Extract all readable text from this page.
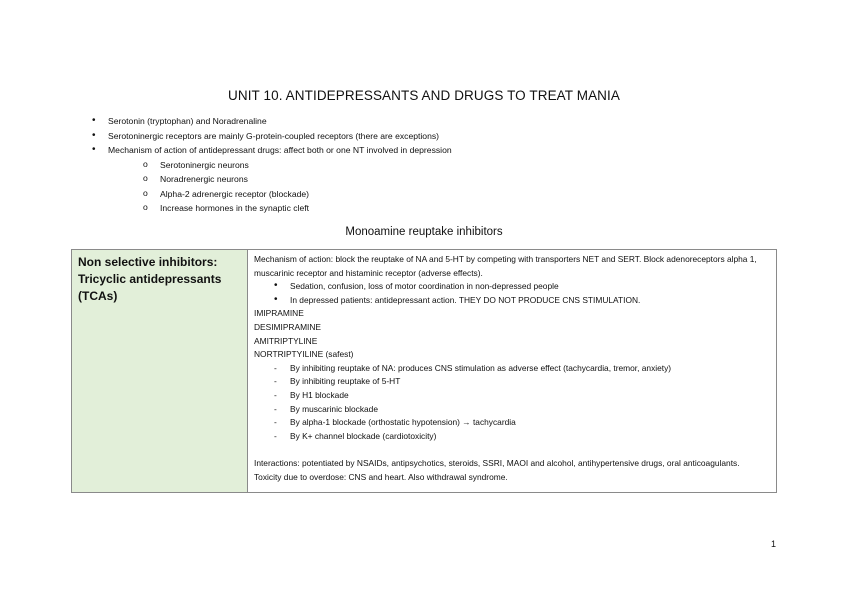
UNIT 10. ANTIDEPRESSANTS AND DRUGS TO TREAT MANIA
• Serotonin (tryptophan) and Noradrenaline
• Serotoninergic receptors are mainly G-protein-coupled receptors (there are exceptions)
• Mechanism of action of antidepressant drugs: affect both or one NT involved in depression
o Serotoninergic neurons
o Noradrenergic neurons
o Alpha-2 adrenergic receptor (blockade)
o Increase hormones in the synaptic cleft
Monoamine reuptake inhibitors
Non selective inhibitors:
Tricyclic antidepressants
(TCAs)

Mechanism of action: block the reuptake of NA and 5-HT by competing with transporters NET and SERT. Block adenoreceptors alpha 1, muscarinic receptor and histaminic receptor (adverse effects).
• Sedation, confusion, loss of motor coordination in non-depressed people
• In depressed patients: antidepressant action. THEY DO NOT PRODUCE CNS STIMULATION.
IMIPRAMINE
DESIMIPRAMINE
AMITRIPTYLINE
NORTRIPTYILINE (safest)
- By inhibiting reuptake of NA: produces CNS stimulation as adverse effect (tachycardia, tremor, anxiety)
- By inhibiting reuptake of 5-HT
- By H1 blockade
- By muscarinic blockade
- By alpha-1 blockade (orthostatic hypotension) → tachycardia
- By K+ channel blockade (cardiotoxicity)
Interactions: potentiated by NSAIDs, antipsychotics, steroids, SSRI, MAOI and alcohol, antihypertensive drugs, oral anticoagulants.
Toxicity due to overdose: CNS and heart. Also withdrawal syndrome.
1
